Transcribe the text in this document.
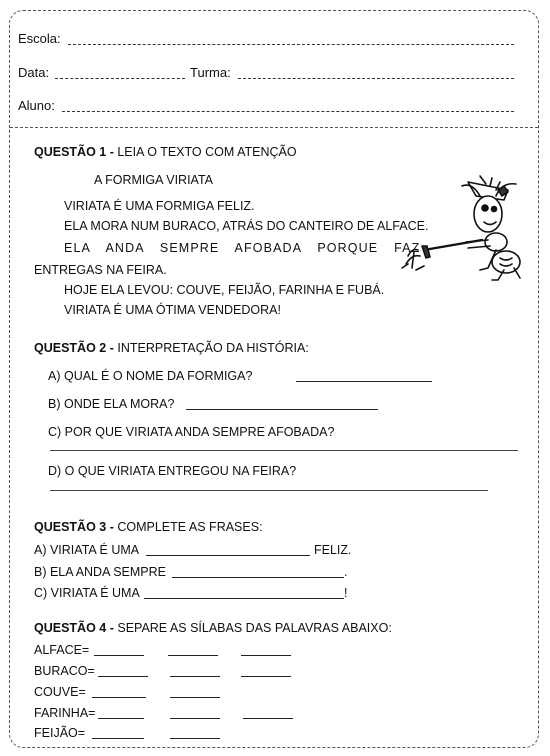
Escola:
Data:	Turma:
Aluno:
QUESTÃO 1 - LEIA O TEXTO COM ATENÇÃO
A FORMIGA VIRIATA
VIRIATA É UMA FORMIGA FELIZ.
ELA MORA NUM BURACO, ATRÁS DO CANTEIRO DE ALFACE.
ELA ANDA SEMPRE AFOBADA PORQUE FAZ
ENTREGAS NA FEIRA.
HOJE ELA LEVOU: COUVE, FEIJÃO, FARINHA E FUBÁ.
VIRIATA É UMA ÓTIMA VENDEDORA!
QUESTÃO 2 - INTERPRETAÇÃO DA HISTÓRIA:
A) QUAL É O NOME DA FORMIGA?
B) ONDE ELA MORA?
C) POR QUE VIRIATA ANDA SEMPRE AFOBADA?
D) O QUE VIRIATA ENTREGOU NA FEIRA?
QUESTÃO 3 - COMPLETE AS FRASES:
A) VIRIATA É UMA	FELIZ.
B) ELA ANDA SEMPRE	.
C) VIRIATA É UMA	!
QUESTÃO 4 - SEPARE AS SÍLABAS DAS PALAVRAS ABAIXO:
ALFACE=
BURACO=
COUVE=
FARINHA=
FEIJÃO=
